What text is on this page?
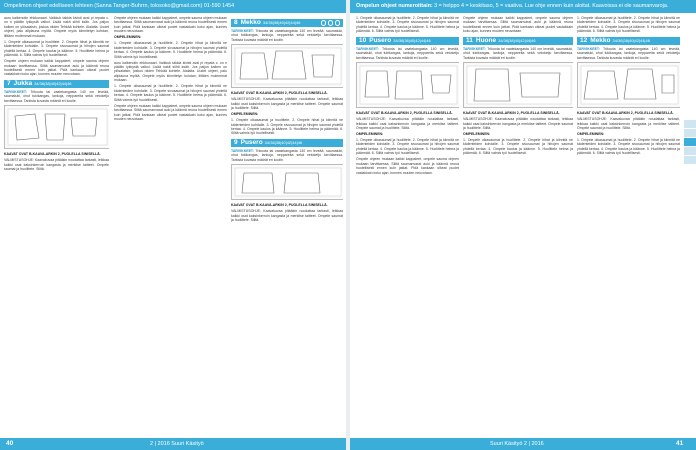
Ompelimon ohjeet edelliseen lehteen (Sanna Tanger-Buhrrn, tolosoko@gmail.com) 01-590 1454	Ompelun ohjeet numeroittain: 3 = helppo 4 = keskitaso, 5 = vaativa. Lue ohje ennen kuin aloitat. Kaavoissa ei ole saumanvaroja.

auru kaikenotin ehkkunaari. Vaikkuk takkia kivisti aval pi repata c. on n pääliin lykkystä valkoi. Lisää nakit siihti ksäh. Jos paljon kaiken on ylösalaisin, joskus niiden Tehkää kohtele. Alalaita. Uudet ohjeet, palu aliplauna myötä. Ompele myös kiinnitetyn kohdan, liittäen molemmat mukaan.

1. Ompele olkasaumat ja huolittele. 2. Ompele hihat ja kiinnitä ne kädenteiden kohdalle. 3. Ompele sivusaumat ja hihojen saumat yhdellä kertaa. 4. Ompele kaulus ja käänne. 5. Huolittele helma ja päärmää. 6. Silitä valmis työ huolellisesti.

Ompele ohjeen mukaan kaikki kappaleet, ompele sauma ohjeen mukaan tarvittaessa. Silitä saumanvarat auki ja käännä reuna huolellisesti ennen kuin jatkat. Pidä kankaan oikeat puolet vastakkain koko ajan, kunnes muuten neuvotaan.

7 Jukka 34/36|38|40|42|44|46

TARVIKKEET: Trikoota tai vaatekangasta 140 cm leveää, saumatuki, ohut tukikangas, lankoja, neppareita sekä vetoketju tarvittaessa. Tarkista kuvasta määrät eri koolle.

KAAVAT OVAT B-KAAVA-ARKIN 2, PUOLELLA SINISELLÄ.

VALMISTUSOHJE: Kaavakuvaa pitääkin noudattaa tarkasti, leikkaa kaikki osat kaksinkerroin kangasta ja merkitse taitteet. Ompele saumat ja huolittele. Silitä.

Ompele ohjeen mukaan kaikki kappaleet, ompele sauma ohjeen mukaan tarvittaessa. Silitä saumanvarat auki ja käännä reuna huolellisesti ennen kuin jatkat. Pidä kankaan oikeat puolet vastakkain koko ajan, kunnes muuten neuvotaan.

OMPELEMINEN:

1. Ompele olkasaumat ja huolittele. 2. Ompele hihat ja kiinnitä ne kädenteiden kohdalle. 3. Ompele sivusaumat ja hihojen saumat yhdellä kertaa. 4. Ompele kaulus ja käänne. 5. Huolittele helma ja päärmää. 6. Silitä valmis työ huolellisesti.

auru kaikenotin ehkkunaari. Vaikkuk takkia kivisti aval pi repata c. on n pääliin lykkystä valkoi. Lisää nakit siihti ksäh. Jos paljon kaiken on ylösalaisin, joskus niiden Tehkää kohtele. Alalaita. Uudet ohjeet, palu aliplauna myötä. Ompele myös kiinnitetyn kohdan, liittäen molemmat mukaan.

1. Ompele olkasaumat ja huolittele. 2. Ompele hihat ja kiinnitä ne kädenteiden kohdalle. 3. Ompele sivusaumat ja hihojen saumat yhdellä kertaa. 4. Ompele kaulus ja käänne. 5. Huolittele helma ja päärmää. 6. Silitä valmis työ huolellisesti.

Ompele ohjeen mukaan kaikki kappaleet, ompele sauma ohjeen mukaan tarvittaessa. Silitä saumanvarat auki ja käännä reuna huolellisesti ennen kuin jatkat. Pidä kankaan oikeat puolet vastakkain koko ajan, kunnes muuten neuvotaan.

8 Mekko 34/36|38|40|42|44|46

TARVIKKEET: Trikoota tai vaatekangasta 140 cm leveää, saumatuki, ohut tukikangas, lankoja, neppareita sekä vetoketju tarvittaessa. Tarkista kuvasta määrät eri koolle.

KAAVAT OVAT B-KAAVA-ARKIN 2, PUOLELLA SINISELLÄ.

VALMISTUSOHJE: Kaavakuvaa pitääkin noudattaa tarkasti, leikkaa kaikki osat kaksinkerroin kangasta ja merkitse taitteet. Ompele saumat ja huolittele. Silitä.

OMPELEMINEN:

1. Ompele olkasaumat ja huolittele. 2. Ompele hihat ja kiinnitä ne kädenteiden kohdalle. 3. Ompele sivusaumat ja hihojen saumat yhdellä kertaa. 4. Ompele kaulus ja käänne. 5. Huolittele helma ja päärmää. 6. Silitä valmis työ huolellisesti.

9 Pusero 34/36|38|40|42|44|46

TARVIKKEET: Trikoota tai vaatekangasta 140 cm leveää, saumatuki, ohut tukikangas, lankoja, neppareita sekä vetoketju tarvittaessa. Tarkista kuvasta määrät eri koolle.

KAAVAT OVAT B-KAAVA-ARKIN 2, PUOLELLA SINISELLÄ.

VALMISTUSOHJE: Kaavakuvaa pitääkin noudattaa tarkasti, leikkaa kaikki osat kaksinkerroin kangasta ja merkitse taitteet. Ompele saumat ja huolittele. Silitä.

1. Ompele olkasaumat ja huolittele. 2. Ompele hihat ja kiinnitä ne kädenteiden kohdalle. 3. Ompele sivusaumat ja hihojen saumat yhdellä kertaa. 4. Ompele kaulus ja käänne. 5. Huolittele helma ja päärmää. 6. Silitä valmis työ huolellisesti.

10 Pusero 34/36|38|40|42|44|46

TARVIKKEET: Trikoota tai vaatekangasta 140 cm leveää, saumatuki, ohut tukikangas, lankoja, neppareita sekä vetoketju tarvittaessa. Tarkista kuvasta määrät eri koolle.

KAAVAT OVAT B-KAAVA-ARKIN 2, PUOLELLA SINISELLÄ.

VALMISTUSOHJE: Kaavakuvaa pitääkin noudattaa tarkasti, leikkaa kaikki osat kaksinkerroin kangasta ja merkitse taitteet. Ompele saumat ja huolittele. Silitä.

OMPELEMINEN:

1. Ompele olkasaumat ja huolittele. 2. Ompele hihat ja kiinnitä ne kädenteiden kohdalle. 3. Ompele sivusaumat ja hihojen saumat yhdellä kertaa. 4. Ompele kaulus ja käänne. 5. Huolittele helma ja päärmää. 6. Silitä valmis työ huolellisesti.

Ompele ohjeen mukaan kaikki kappaleet, ompele sauma ohjeen mukaan tarvittaessa. Silitä saumanvarat auki ja käännä reuna huolellisesti ennen kuin jatkat. Pidä kankaan oikeat puolet vastakkain koko ajan, kunnes muuten neuvotaan.

Ompele ohjeen mukaan kaikki kappaleet, ompele sauma ohjeen mukaan tarvittaessa. Silitä saumanvarat auki ja käännä reuna huolellisesti ennen kuin jatkat. Pidä kankaan oikeat puolet vastakkain koko ajan, kunnes muuten neuvotaan.

11 Huone 34/36|38|40|42|44|46

TARVIKKEET: Trikoota tai vaatekangasta 140 cm leveää, saumatuki, ohut tukikangas, lankoja, neppareita sekä vetoketju tarvittaessa. Tarkista kuvasta määrät eri koolle.

KAAVAT OVAT B-KAAVA-ARKIN 2, PUOLELLA SINISELLÄ.

VALMISTUSOHJE: Kaavakuvaa pitääkin noudattaa tarkasti, leikkaa kaikki osat kaksinkerroin kangasta ja merkitse taitteet. Ompele saumat ja huolittele. Silitä.

OMPELEMINEN:

1. Ompele olkasaumat ja huolittele. 2. Ompele hihat ja kiinnitä ne kädenteiden kohdalle. 3. Ompele sivusaumat ja hihojen saumat yhdellä kertaa. 4. Ompele kaulus ja käänne. 5. Huolittele helma ja päärmää. 6. Silitä valmis työ huolellisesti.

1. Ompele olkasaumat ja huolittele. 2. Ompele hihat ja kiinnitä ne kädenteiden kohdalle. 3. Ompele sivusaumat ja hihojen saumat yhdellä kertaa. 4. Ompele kaulus ja käänne. 5. Huolittele helma ja päärmää. 6. Silitä valmis työ huolellisesti.

12 Mekko 34/36|38|40|42|44|46

TARVIKKEET: Trikoota tai vaatekangasta 140 cm leveää, saumatuki, ohut tukikangas, lankoja, neppareita sekä vetoketju tarvittaessa. Tarkista kuvasta määrät eri koolle.

KAAVAT OVAT B-KAAVA-ARKIN 2, PUOLELLA SINISELLÄ.

VALMISTUSOHJE: Kaavakuvaa pitääkin noudattaa tarkasti, leikkaa kaikki osat kaksinkerroin kangasta ja merkitse taitteet. Ompele saumat ja huolittele. Silitä.

OMPELEMINEN:

1. Ompele olkasaumat ja huolittele. 2. Ompele hihat ja kiinnitä ne kädenteiden kohdalle. 3. Ompele sivusaumat ja hihojen saumat yhdellä kertaa. 4. Ompele kaulus ja käänne. 5. Huolittele helma ja päärmää. 6. Silitä valmis työ huolellisesti.

40	2 | 2016 Suuri Käsityö	Suuri Käsityö 2 | 2016	41
